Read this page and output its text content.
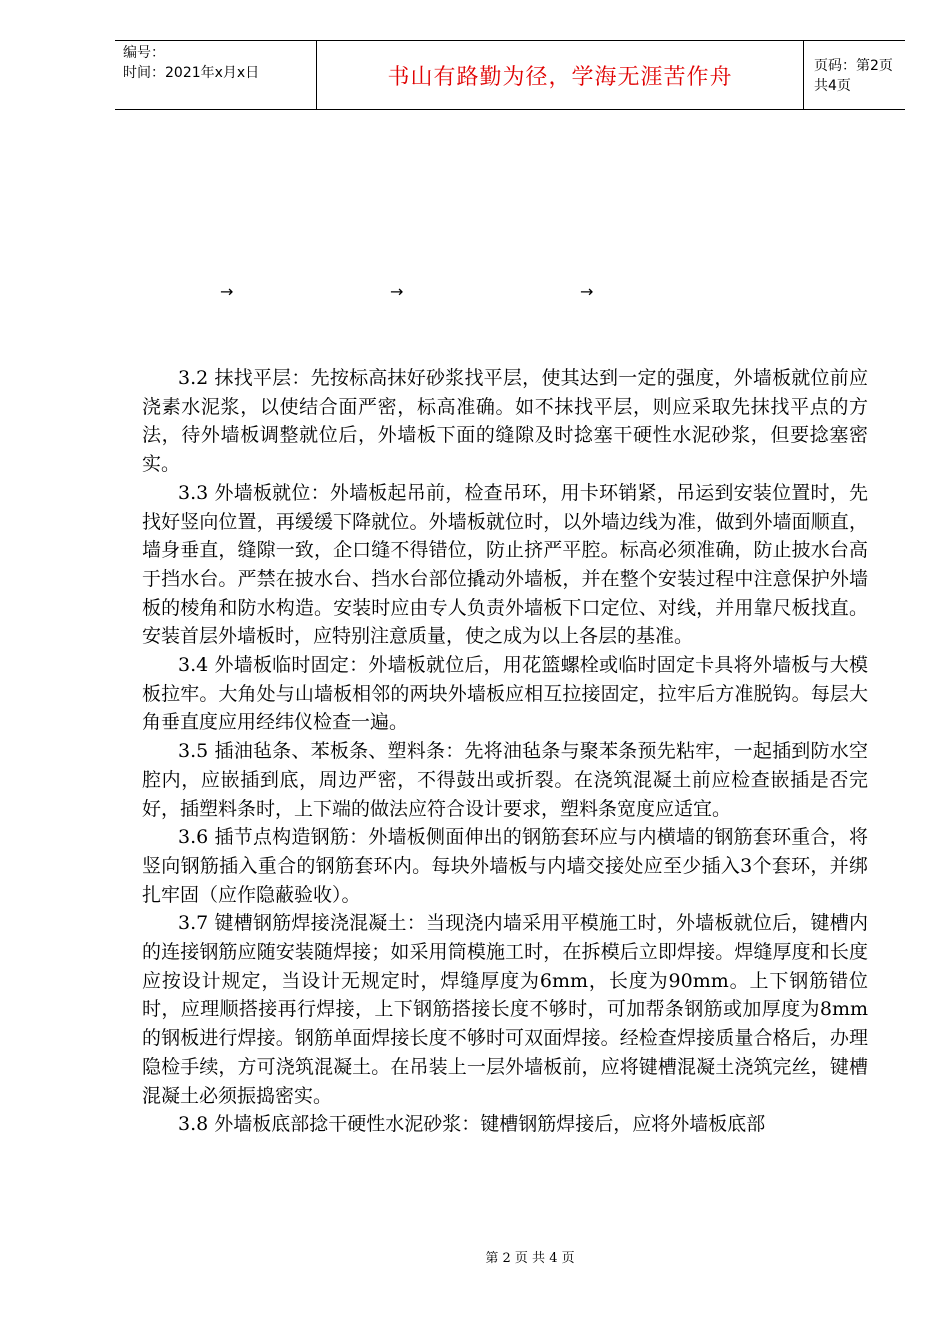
编号：
时间：2021年x月x日	书山有路勤为径，学海无涯苦作舟	页码：第2页 共4页
→	→	→

3.2 抹找平层：先按标高抹好砂浆找平层，使其达到一定的强度，外墙板就位前应浇素水泥浆，以使结合面严密，标高准确。如不抹找平层，则应采取先抹找平点的方法，待外墙板调整就位后，外墙板下面的缝隙及时捻塞干硬性水泥砂浆，但要捻塞密实。

3.3 外墙板就位：外墙板起吊前，检查吊环，用卡环销紧，吊运到安装位置时，先找好竖向位置，再缓缓下降就位。外墙板就位时，以外墙边线为准，做到外墙面顺直，墙身垂直，缝隙一致，企口缝不得错位，防止挤严平腔。标高必须准确，防止披水台高于挡水台。严禁在披水台、挡水台部位撬动外墙板，并在整个安装过程中注意保护外墙板的棱角和防水构造。安装时应由专人负责外墙板下口定位、对线，并用靠尺板找直。安装首层外墙板时，应特别注意质量，使之成为以上各层的基准。

3.4 外墙板临时固定：外墙板就位后，用花篮螺栓或临时固定卡具将外墙板与大模板拉牢。大角处与山墙板相邻的两块外墙板应相互拉接固定，拉牢后方准脱钩。每层大角垂直度应用经纬仪检查一遍。

3.5 插油毡条、苯板条、塑料条：先将油毡条与聚苯条预先粘牢，一起插到防水空腔内，应嵌插到底，周边严密，不得鼓出或折裂。在浇筑混凝土前应检查嵌插是否完好，插塑料条时，上下端的做法应符合设计要求，塑料条宽度应适宜。

3.6 插节点构造钢筋：外墙板侧面伸出的钢筋套环应与内横墙的钢筋套环重合，将竖向钢筋插入重合的钢筋套环内。每块外墙板与内墙交接处应至少插入3个套环，并绑扎牢固（应作隐蔽验收）。

3.7 键槽钢筋焊接浇混凝土：当现浇内墙采用平模施工时，外墙板就位后，键槽内的连接钢筋应随安装随焊接；如采用筒模施工时，在拆模后立即焊接。焊缝厚度和长度应按设计规定，当设计无规定时，焊缝厚度为6mm，长度为90mm。上下钢筋错位时，应理顺搭接再行焊接，上下钢筋搭接长度不够时，可加帮条钢筋或加厚度为8mm的钢板进行焊接。钢筋单面焊接长度不够时可双面焊接。经检查焊接质量合格后，办理隐检手续，方可浇筑混凝土。在吊装上一层外墙板前，应将键槽混凝土浇筑完丝，键槽混凝土必须振捣密实。

3.8 外墙板底部捻干硬性水泥砂浆：键槽钢筋焊接后，应将外墙板底部

第 2 页 共 4 页
